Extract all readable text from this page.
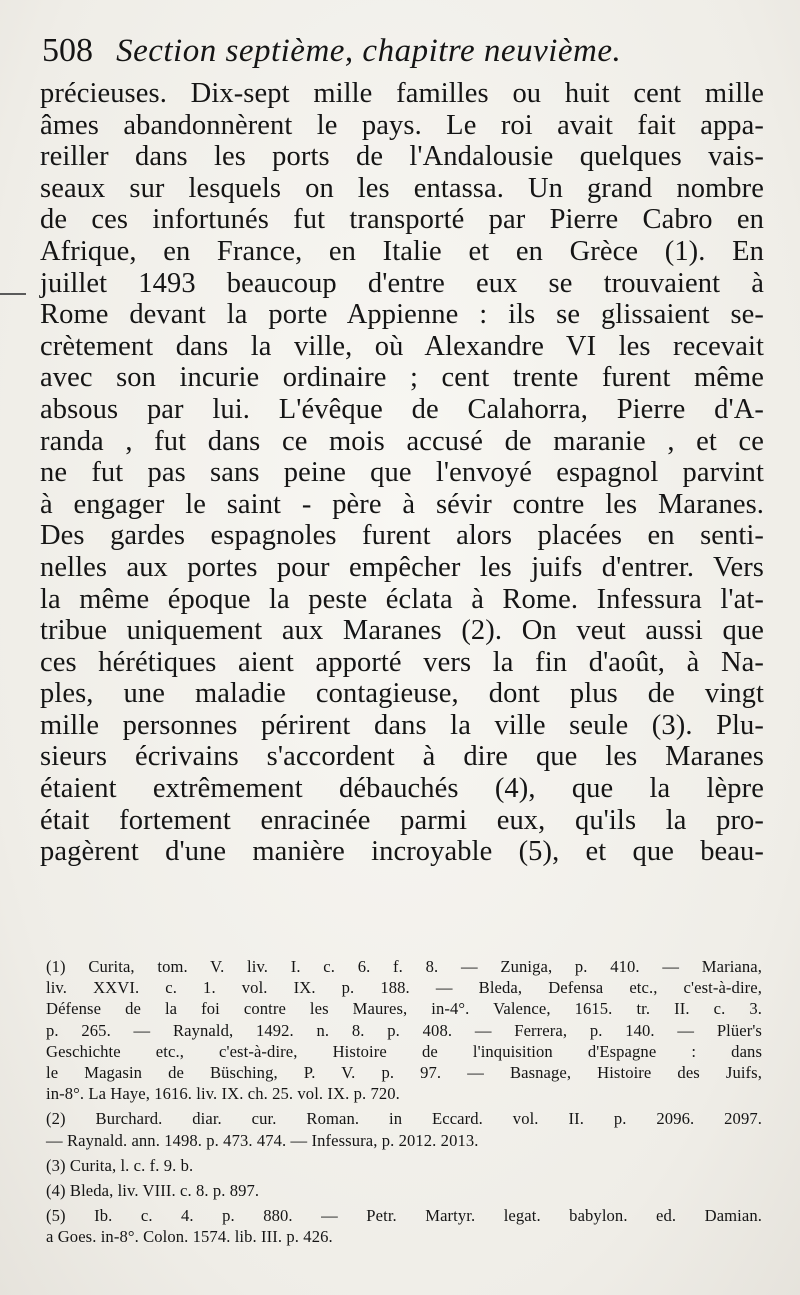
508 Section septième, chapitre neuvième.
précieuses. Dix-sept mille familles ou huit cent mille
âmes abandonnèrent le pays. Le roi avait fait appa-
reiller dans les ports de l'Andalousie quelques vais-
seaux sur lesquels on les entassa. Un grand nombre
de ces infortunés fut transporté par Pierre Cabro en
Afrique, en France, en Italie et en Grèce (1). En
juillet 1493 beaucoup d'entre eux se trouvaient à
Rome devant la porte Appienne : ils se glissaient se-
crètement dans la ville, où Alexandre VI les recevait
avec son incurie ordinaire ; cent trente furent même
absous par lui. L'évêque de Calahorra, Pierre d'A-
randa , fut dans ce mois accusé de maranie , et ce
ne fut pas sans peine que l'envoyé espagnol parvint
à engager le saint - père à sévir contre les Maranes.
Des gardes espagnoles furent alors placées en senti-
nelles aux portes pour empêcher les juifs d'entrer. Vers
la même époque la peste éclata à Rome. Infessura l'at-
tribue uniquement aux Maranes (2). On veut aussi que
ces hérétiques aient apporté vers la fin d'août, à Na-
ples, une maladie contagieuse, dont plus de vingt
mille personnes périrent dans la ville seule (3). Plu-
sieurs écrivains s'accordent à dire que les Maranes
étaient extrêmement débauchés (4), que la lèpre
était fortement enracinée parmi eux, qu'ils la pro-
pagèrent d'une manière incroyable (5), et que beau-
(1) Curita, tom. V. liv. I. c. 6. f. 8. — Zuniga, p. 410. — Mariana,
liv. XXVI. c. 1. vol. IX. p. 188. — Bleda, Defensa etc., c'est-à-dire,
Défense de la foi contre les Maures, in-4°. Valence, 1615. tr. II. c. 3.
p. 265. — Raynald, 1492. n. 8. p. 408. — Ferrera, p. 140. — Plüer's
Geschichte etc., c'est-à-dire, Histoire de l'inquisition d'Espagne : dans
le Magasin de Büsching, P. V. p. 97. — Basnage, Histoire des Juifs,
in-8°. La Haye, 1616. liv. IX. ch. 25. vol. IX. p. 720.
(2) Burchard. diar. cur. Roman. in Eccard. vol. II. p. 2096. 2097.
— Raynald. ann. 1498. p. 473. 474. — Infessura, p. 2012. 2013.
(3) Curita, l. c. f. 9. b.
(4) Bleda, liv. VIII. c. 8. p. 897.
(5) Ib. c. 4. p. 880. — Petr. Martyr. legat. babylon. ed. Damian.
a Goes. in-8°. Colon. 1574. lib. III. p. 426.
